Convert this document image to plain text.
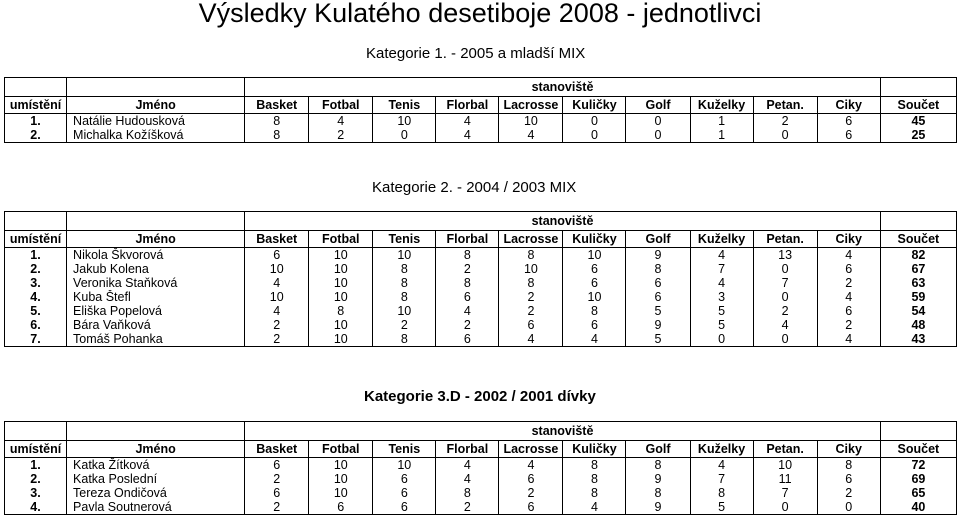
Výsledky Kulatého desetiboje 2008 - jednotlivci
Kategorie 1. - 2005 a mladší MIX
		stanoviště										
umístění	Jméno	Basket	Fotbal	Tenis	Florbal	Lacrosse	Kuličky	Golf	Kuželky	Petan.	Ciky	Součet
1.	Natálie Hudousková	8	4	10	4	10	0	0	1	2	6	45
2.	Michalka Kožíšková	8	2	0	4	4	0	0	1	0	6	25
Kategorie 2. - 2004 / 2003 MIX
		stanoviště										
umístění	Jméno	Basket	Fotbal	Tenis	Florbal	Lacrosse	Kuličky	Golf	Kuželky	Petan.	Ciky	Součet
1.	Nikola Škvorová	6	10	10	8	8	10	9	4	13	4	82
2.	Jakub Kolena	10	10	8	2	10	6	8	7	0	6	67
3.	Veronika Staňková	4	10	8	8	8	6	6	4	7	2	63
4.	Kuba Štefl	10	10	8	6	2	10	6	3	0	4	59
5.	Eliška Popelová	4	8	10	4	2	8	5	5	2	6	54
6.	Bára Vaňková	2	10	2	2	6	6	9	5	4	2	48
7.	Tomáš Pohanka	2	10	8	6	4	4	5	0	0	4	43
Kategorie 3.D - 2002 / 2001 dívky
		stanoviště										
umístění	Jméno	Basket	Fotbal	Tenis	Florbal	Lacrosse	Kuličky	Golf	Kuželky	Petan.	Ciky	Součet
1.	Katka Žítková	6	10	10	4	4	8	8	4	10	8	72
2.	Katka Poslední	2	10	6	4	6	8	9	7	11	6	69
3.	Tereza Ondičová	6	10	6	8	2	8	8	8	7	2	65
4.	Pavla Soutnerová	2	6	6	2	6	4	9	5	0	0	40
